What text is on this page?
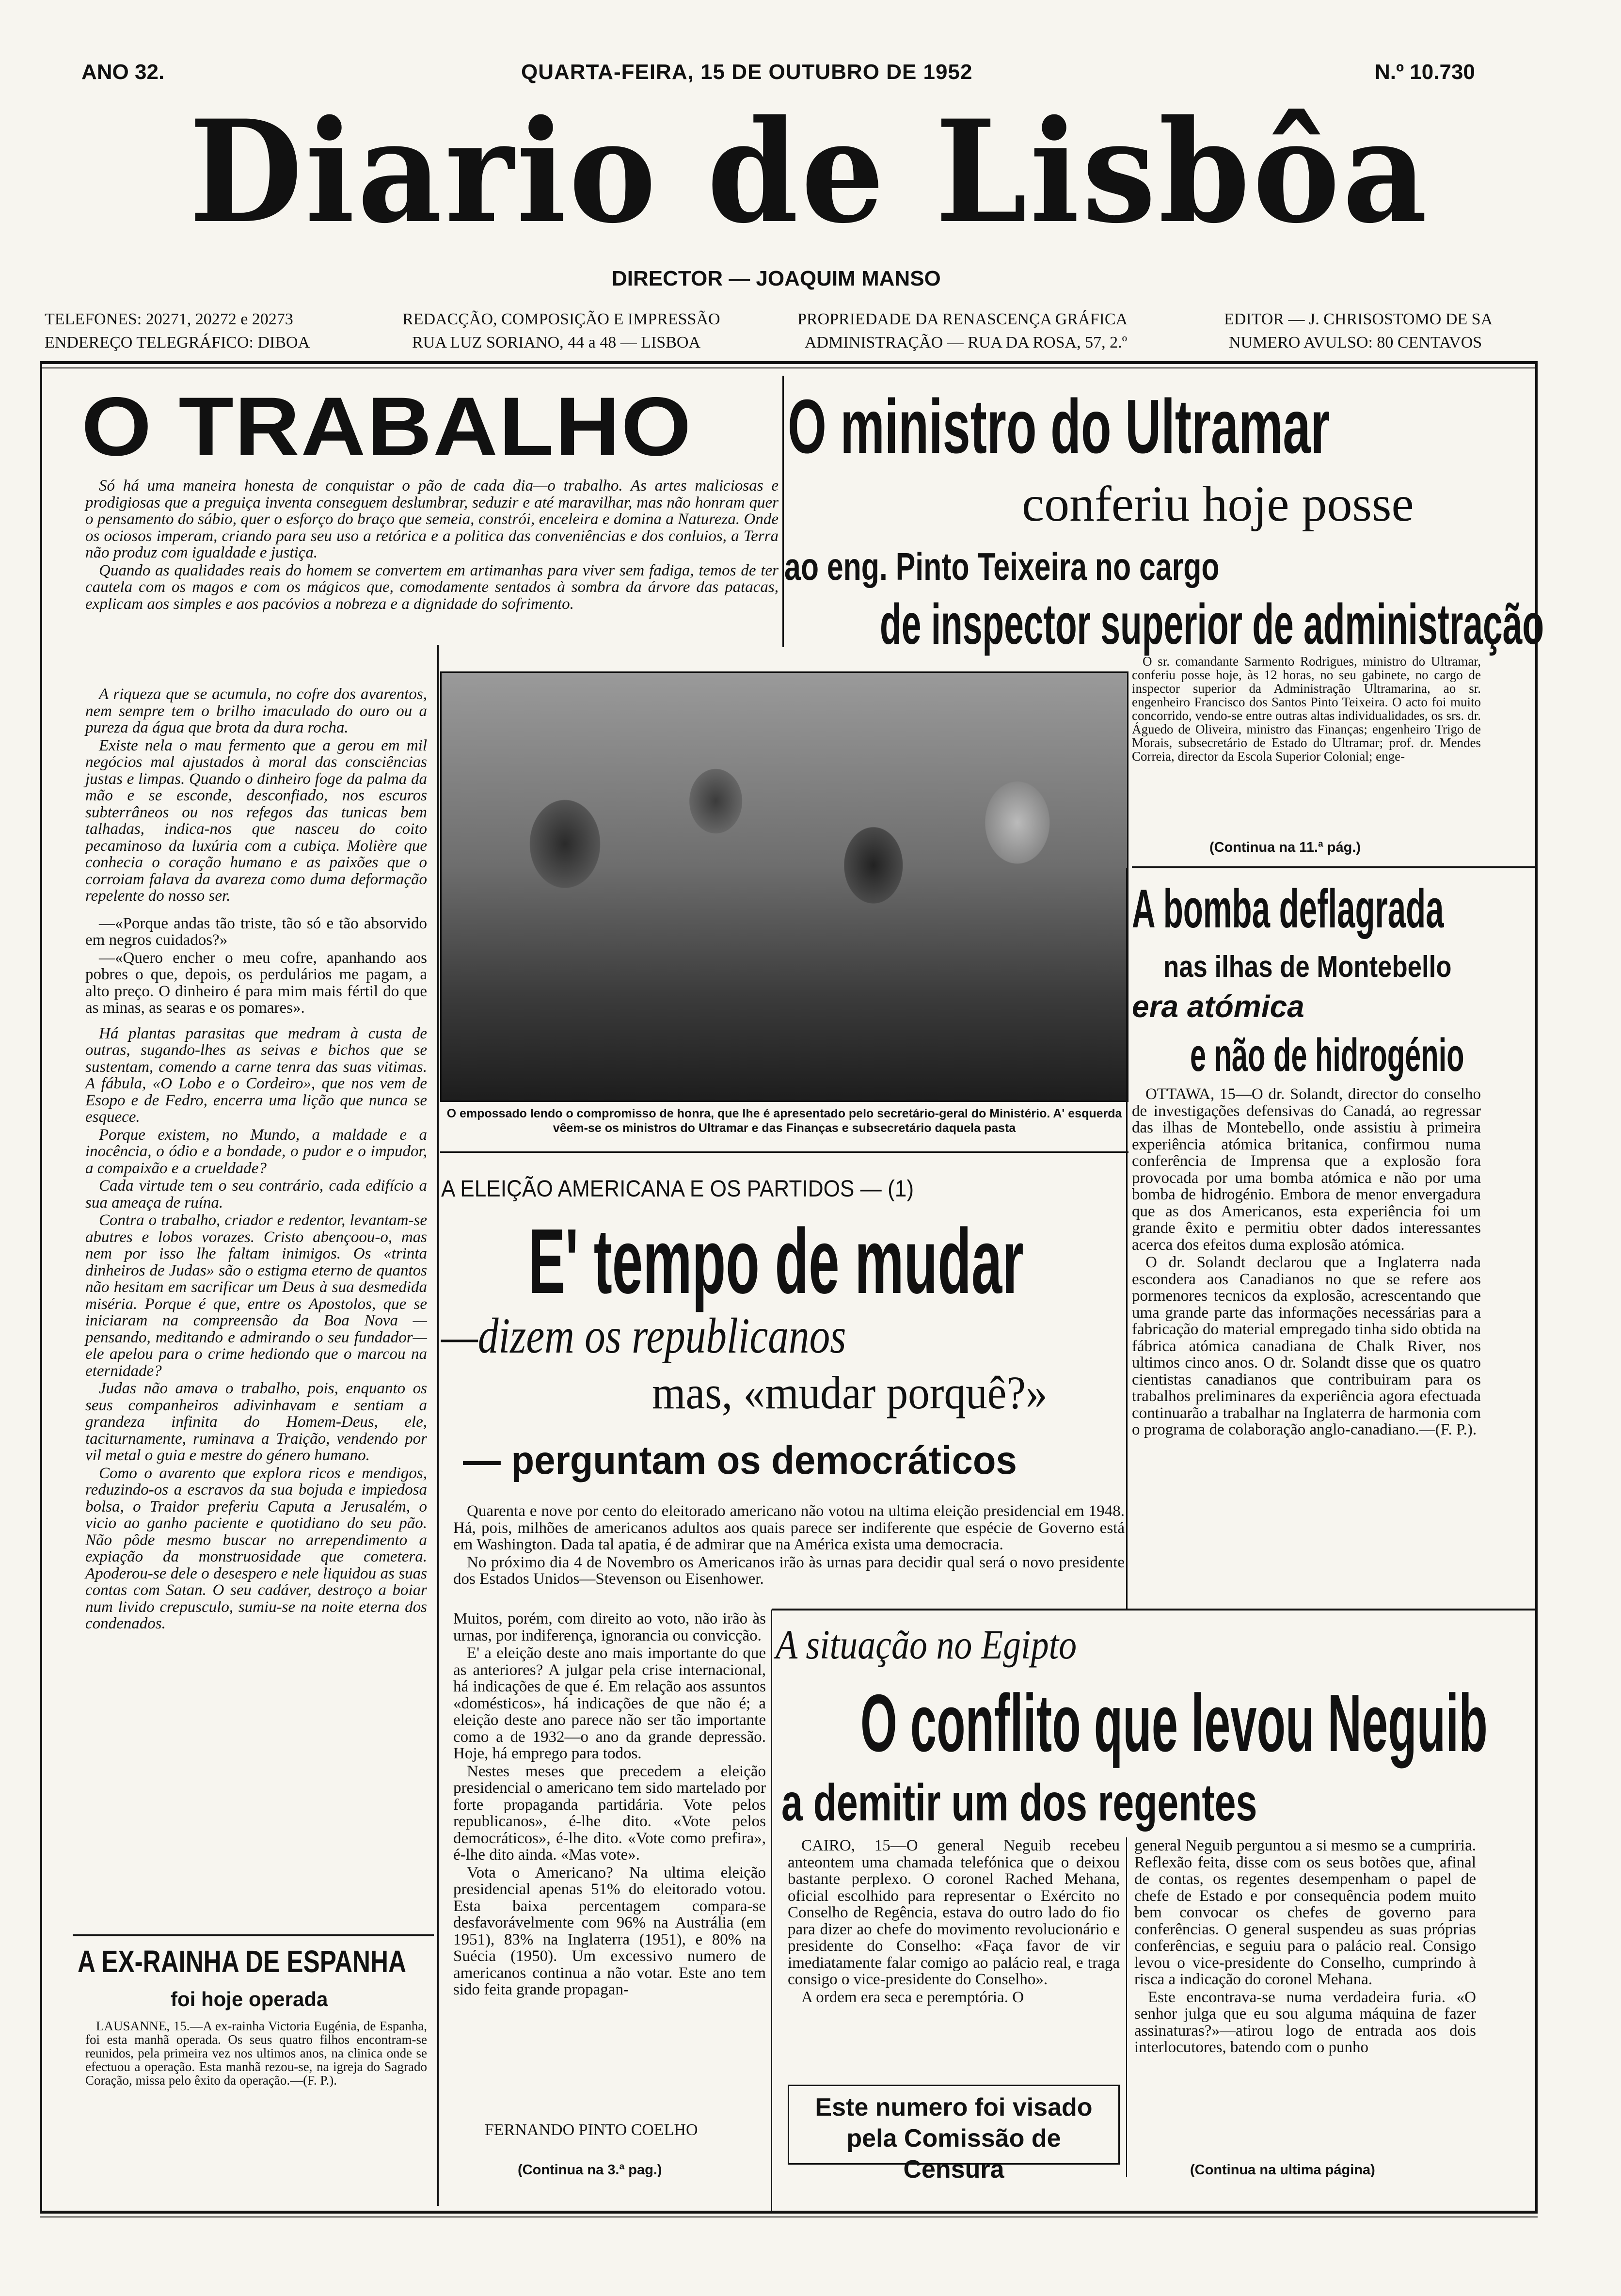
ANO 32.	QUARTA-FEIRA, 15 DE OUTUBRO DE 1952	N.º 10.730
Diario de Lisbôa
DIRECTOR — JOAQUIM MANSO
TELEFONES: 20271, 20272 e 20273
ENDEREÇO TELEGRÁFICO: DIBOA
REDACÇÃO, COMPOSIÇÃO E IMPRESSÃO
RUA LUZ SORIANO, 44 a 48 — LISBOA
PROPRIEDADE DA RENASCENÇA GRÁFICA
ADMINISTRAÇÃO — RUA DA ROSA, 57, 2.º
EDITOR — J. CHRISOSTOMO DE SA
NUMERO AVULSO: 80 CENTAVOS
O TRABALHO

Só há uma maneira honesta de conquistar o pão de cada dia—o trabalho. As artes maliciosas e prodigiosas que a preguiça inventa conseguem deslumbrar, seduzir e até maravilhar, mas não honram quer o pensamento do sábio, quer o esforço do braço que semeia, constrói, enceleira e domina a Natureza. Onde os ociosos imperam, criando para seu uso a retórica e a politica das conveniências e dos conluios, a Terra não produz com igualdade e justiça.

Quando as qualidades reais do homem se convertem em artimanhas para viver sem fadiga, temos de ter cautela com os magos e com os mágicos que, comodamente sentados à sombra da árvore das patacas, explicam aos simples e aos pacóvios a nobreza e a dignidade do sofrimento.

A riqueza que se acumula, no cofre dos avarentos, nem sempre tem o brilho imaculado do ouro ou a pureza da água que brota da dura rocha.

Existe nela o mau fermento que a gerou em mil negócios mal ajustados à moral das consciências justas e limpas. Quando o dinheiro foge da palma da mão e se esconde, desconfiado, nos escuros subterrâneos ou nos refegos das tunicas bem talhadas, indica-nos que nasceu do coito pecaminoso da luxúria com a cubiça. Molière que conhecia o coração humano e as paixões que o corroiam falava da avareza como duma deformação repelente do nosso ser.

—«Porque andas tão triste, tão só e tão absorvido em negros cuidados?»

—«Quero encher o meu cofre, apanhando aos pobres o que, depois, os perdulários me pagam, a alto preço. O dinheiro é para mim mais fértil do que as minas, as searas e os pomares».

Há plantas parasitas que medram à custa de outras, sugando-lhes as seivas e bichos que se sustentam, comendo a carne tenra das suas vitimas. A fábula, «O Lobo e o Cordeiro», que nos vem de Esopo e de Fedro, encerra uma lição que nunca se esquece.

Porque existem, no Mundo, a maldade e a inocência, o ódio e a bondade, o pudor e o impudor, a compaixão e a crueldade?

Cada virtude tem o seu contrário, cada edifício a sua ameaça de ruína.

Contra o trabalho, criador e redentor, levantam-se abutres e lobos vorazes. Cristo abençoou-o, mas nem por isso lhe faltam inimigos. Os «trinta dinheiros de Judas» são o estigma eterno de quantos não hesitam em sacrificar um Deus à sua desmedida miséria. Porque é que, entre os Apostolos, que se iniciaram na compreensão da Boa Nova — pensando, meditando e admirando o seu fundador—ele apelou para o crime hediondo que o marcou na eternidade?

Judas não amava o trabalho, pois, enquanto os seus companheiros adivinhavam e sentiam a grandeza infinita do Homem-Deus, ele, taciturnamente, ruminava a Traição, vendendo por vil metal o guia e mestre do género humano.

Como o avarento que explora ricos e mendigos, reduzindo-os a escravos da sua bojuda e impiedosa bolsa, o Traidor preferiu Caputa a Jerusalém, o vicio ao ganho paciente e quotidiano do seu pão. Não pôde mesmo buscar no arrependimento a expiação da monstruosidade que cometera. Apoderou-se dele o desespero e nele liquidou as suas contas com Satan. O seu cadáver, destroço a boiar num livido crepusculo, sumiu-se na noite eterna dos condenados.

A EX-RAINHA DE ESPANHA
foi hoje operada
LAUSANNE, 15.—A ex-rainha Victoria Eugénia, de Espanha, foi esta manhã operada. Os seus quatro filhos encontram-se reunidos, pela primeira vez nos ultimos anos, na clinica onde se efectuou a operação. Esta manhã rezou-se, na igreja do Sagrado Coração, missa pelo êxito da operação.—(F. P.).
O ministro do Ultramar
conferiu hoje posse
ao eng. Pinto Teixeira no cargo
de inspector superior de administração
O empossado lendo o compromisso de honra, que lhe é apresentado pelo secretário-geral do Ministério. A' esquerda vêem-se os ministros do Ultramar e das Finanças e subsecretário daquela pasta
O sr. comandante Sarmento Rodrigues, ministro do Ultramar, conferiu posse hoje, às 12 horas, no seu gabinete, no cargo de inspector superior da Administração Ultramarina, ao sr. engenheiro Francisco dos Santos Pinto Teixeira. O acto foi muito concorrido, vendo-se entre outras altas individualidades, os srs. dr. Águedo de Oliveira, ministro das Finanças; engenheiro Trigo de Morais, subsecretário de Estado do Ultramar; prof. dr. Mendes Correia, director da Escola Superior Colonial; enge-
(Continua na 11.ª pág.)
A bomba deflagrada
nas ilhas de Montebello
era atómica
e não de hidrogénio

OTTAWA, 15—O dr. Solandt, director do conselho de investigações defensivas do Canadá, ao regressar das ilhas de Montebello, onde assistiu à primeira experiência atómica britanica, confirmou numa conferência de Imprensa que a explosão fora provocada por uma bomba atómica e não por uma bomba de hidrogénio. Embora de menor envergadura que as dos Americanos, esta experiência foi um grande êxito e permitiu obter dados interessantes acerca dos efeitos duma explosão atómica.

O dr. Solandt declarou que a Inglaterra nada escondera aos Canadianos no que se refere aos pormenores tecnicos da explosão, acrescentando que uma grande parte das informações necessárias para a fabricação do material empregado tinha sido obtida na fábrica atómica canadiana de Chalk River, nos ultimos cinco anos. O dr. Solandt disse que os quatro cientistas canadianos que contribuiram para os trabalhos preliminares da experiência agora efectuada continuarão a trabalhar na Inglaterra de harmonia com o programa de colaboração anglo-canadiano.—(F. P.).

A ELEIÇÃO AMERICANA E OS PARTIDOS — (1)
E' tempo de mudar
—dizem os republicanos
mas, «mudar porquê?»
— perguntam os democráticos

Quarenta e nove por cento do eleitorado americano não votou na ultima eleição presidencial em 1948. Há, pois, milhões de americanos adultos aos quais parece ser indiferente que espécie de Governo está em Washington. Dada tal apatia, é de admirar que na América exista uma democracia.

No próximo dia 4 de Novembro os Americanos irão às urnas para decidir qual será o novo presidente dos Estados Unidos—Stevenson ou Eisenhower.

Muitos, porém, com direito ao voto, não irão às urnas, por indiferença, ignorancia ou convicção.

E' a eleição deste ano mais importante do que as anteriores? A julgar pela crise internacional, há indicações de que é. Em relação aos assuntos «domésticos», há indicações de que não é; a eleição deste ano parece não ser tão importante como a de 1932—o ano da grande depressão. Hoje, há emprego para todos.

Nestes meses que precedem a eleição presidencial o americano tem sido martelado por forte propaganda partidária. Vote pelos republicanos», é-lhe dito. «Vote pelos democráticos», é-lhe dito. «Vote como prefira», é-lhe dito ainda. «Mas vote».

Vota o Americano? Na ultima eleição presidencial apenas 51% do eleitorado votou. Esta baixa percentagem compara-se desfavorávelmente com 96% na Austrália (em 1951), 83% na Inglaterra (1951), e 80% na Suécia (1950). Um excessivo numero de americanos continua a não votar. Este ano tem sido feita grande propagan-

FERNANDO PINTO COELHO
(Continua na 3.ª pag.)
A situação no Egipto
O conflito que levou Neguib
a demitir um dos regentes

CAIRO, 15—O general Neguib recebeu anteontem uma chamada telefónica que o deixou bastante perplexo. O coronel Rached Mehana, oficial escolhido para representar o Exército no Conselho de Regência, estava do outro lado do fio para dizer ao chefe do movimento revolucionário e presidente do Conselho: «Faça favor de vir imediatamente falar comigo ao palácio real, e traga consigo o vice-presidente do Conselho».

A ordem era seca e peremptória. O

Este numero foi visado pela Comissão de Censura

general Neguib perguntou a si mesmo se a cumpriria. Reflexão feita, disse com os seus botões que, afinal de contas, os regentes desempenham o papel de chefe de Estado e por consequência podem muito bem convocar os chefes de governo para conferências. O general suspendeu as suas próprias conferências, e seguiu para o palácio real. Consigo levou o vice-presidente do Conselho, cumprindo à risca a indicação do coronel Mehana.

Este encontrava-se numa verdadeira furia. «O senhor julga que eu sou alguma máquina de fazer assinaturas?»—atirou logo de entrada aos dois interlocutores, batendo com o punho

(Continua na ultima página)
